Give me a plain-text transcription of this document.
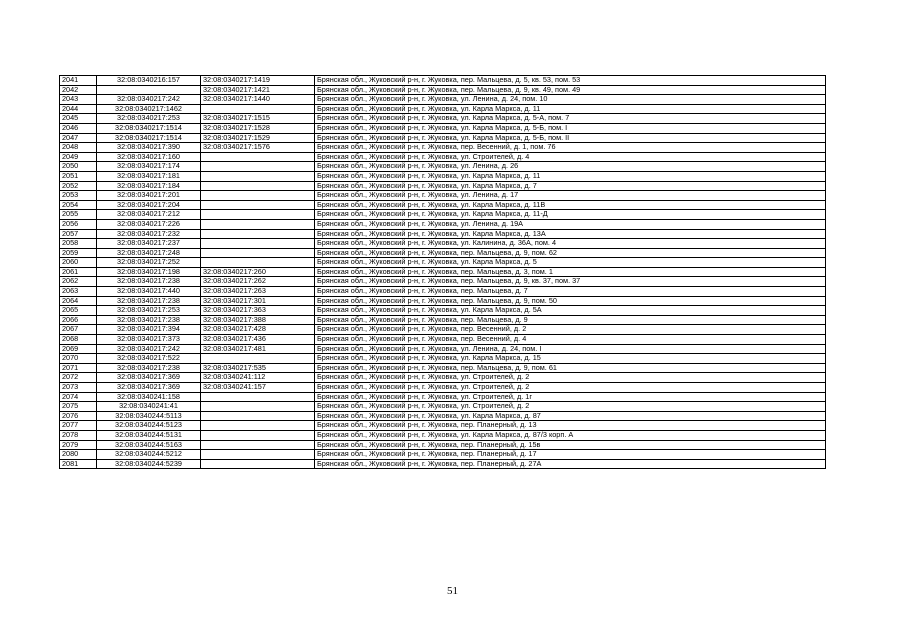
2041	32:08:0340216:157	32:08:0340217:1419	Брянская обл., Жуковский р-н, г. Жуковка, пер. Мальцева, д. 5, кв. 53, пом. 53
2042		32:08:0340217:1421	Брянская обл., Жуковский р-н, г. Жуковка, пер. Мальцева, д. 9, кв. 49, пом. 49
2043	32:08:0340217:242	32:08:0340217:1440	Брянская обл., Жуковский р-н, г. Жуковка, ул. Ленина, д. 24, пом. 10
2044	32:08:0340217:1462		Брянская обл., Жуковский р-н, г. Жуковка, ул. Карла Маркса, д. 11
2045	32:08:0340217:253	32:08:0340217:1515	Брянская обл., Жуковский р-н, г. Жуковка, ул. Карла Маркса, д. 5-А, пом. 7
2046	32:08:0340217:1514	32:08:0340217:1528	Брянская обл., Жуковский р-н, г. Жуковка, ул. Карла Маркса, д. 5-Б, пом. I
2047	32:08:0340217:1514	32:08:0340217:1529	Брянская обл., Жуковский р-н, г. Жуковка, ул. Карла Маркса, д. 5-Б, пом. II
2048	32:08:0340217:390	32:08:0340217:1576	Брянская обл., Жуковский р-н, г. Жуковка, пер. Весенний, д. 1, пом. 76
2049	32:08:0340217:160		Брянская обл., Жуковский р-н, г. Жуковка, ул. Строителей, д. 4
2050	32:08:0340217:174		Брянская обл., Жуковский р-н, г. Жуковка, ул. Ленина, д. 26
2051	32:08:0340217:181		Брянская обл., Жуковский р-н, г. Жуковка, ул. Карла Маркса, д. 11
2052	32:08:0340217:184		Брянская обл., Жуковский р-н, г. Жуковка, ул. Карла Маркса, д. 7
2053	32:08:0340217:201		Брянская обл., Жуковский р-н, г. Жуковка, ул. Ленина, д. 17
2054	32:08:0340217:204		Брянская обл., Жуковский р-н, г. Жуковка, ул. Карла Маркса, д. 11В
2055	32:08:0340217:212		Брянская обл., Жуковский р-н, г. Жуковка, ул. Карла Маркса, д. 11-Д
2056	32:08:0340217:226		Брянская обл., Жуковский р-н, г. Жуковка, ул. Ленина, д. 19А
2057	32:08:0340217:232		Брянская обл., Жуковский р-н, г. Жуковка, ул. Карла Маркса, д. 13А
2058	32:08:0340217:237		Брянская обл., Жуковский р-н, г. Жуковка, ул. Калинина, д. 36А, пом. 4
2059	32:08:0340217:248		Брянская обл., Жуковский р-н, г. Жуковка, пер. Мальцева, д. 9, пом. 62
2060	32:08:0340217:252		Брянская обл., Жуковский р-н, г. Жуковка, ул. Карла Маркса, д. 5
2061	32:08:0340217:198	32:08:0340217:260	Брянская обл., Жуковский р-н, г. Жуковка, пер. Мальцева, д. 3, пом. 1
2062	32:08:0340217:238	32:08:0340217:262	Брянская обл., Жуковский р-н, г. Жуковка, пер. Мальцева, д. 9, кв. 37, пом. 37
2063	32:08:0340217:440	32:08:0340217:263	Брянская обл., Жуковский р-н, г. Жуковка, пер. Мальцева, д. 7
2064	32:08:0340217:238	32:08:0340217:301	Брянская обл., Жуковский р-н, г. Жуковка, пер. Мальцева, д. 9, пом. 50
2065	32:08:0340217:253	32:08:0340217:363	Брянская обл., Жуковский р-н, г. Жуковка, ул. Карла Маркса, д. 5А
2066	32:08:0340217:238	32:08:0340217:388	Брянская обл., Жуковский р-н, г. Жуковка, пер. Мальцева, д. 9
2067	32:08:0340217:394	32:08:0340217:428	Брянская обл., Жуковский р-н, г. Жуковка, пер. Весенний, д. 2
2068	32:08:0340217:373	32:08:0340217:436	Брянская обл., Жуковский р-н, г. Жуковка, пер. Весенний, д. 4
2069	32:08:0340217:242	32:08:0340217:481	Брянская обл., Жуковский р-н, г. Жуковка, ул. Ленина, д. 24, пом. I
2070	32:08:0340217:522		Брянская обл., Жуковский р-н, г. Жуковка, ул. Карла Маркса, д. 15
2071	32:08:0340217:238	32:08:0340217:535	Брянская обл., Жуковский р-н, г. Жуковка, пер. Мальцева, д. 9, пом. 61
2072	32:08:0340217:369	32:08:0340241:112	Брянская обл., Жуковский р-н, г. Жуковка, ул. Строителей, д. 2
2073	32:08:0340217:369	32:08:0340241:157	Брянская обл., Жуковский р-н, г. Жуковка, ул. Строителей, д. 2
2074	32:08:0340241:158		Брянская обл., Жуковский р-н, г. Жуковка, ул. Строителей, д. 1г
2075	32:08:0340241:41		Брянская обл., Жуковский р-н, г. Жуковка, ул. Строителей, д. 2
2076	32:08:0340244:5113		Брянская обл., Жуковский р-н, г. Жуковка, ул. Карла Маркса, д. 87
2077	32:08:0340244:5123		Брянская обл., Жуковский р-н, г. Жуковка, пер. Планерный, д. 13
2078	32:08:0340244:5131		Брянская обл., Жуковский р-н, г. Жуковка, ул. Карла Маркса, д. 87/3 корп. А
2079	32:08:0340244:5163		Брянская обл., Жуковский р-н, г. Жуковка, пер. Планерный, д. 15в
2080	32:08:0340244:5212		Брянская обл., Жуковский р-н, г. Жуковка, пер. Планерный, д. 17
2081	32:08:0340244:5239		Брянская обл., Жуковский р-н, г. Жуковка, пер. Планерный, д. 27А
51
